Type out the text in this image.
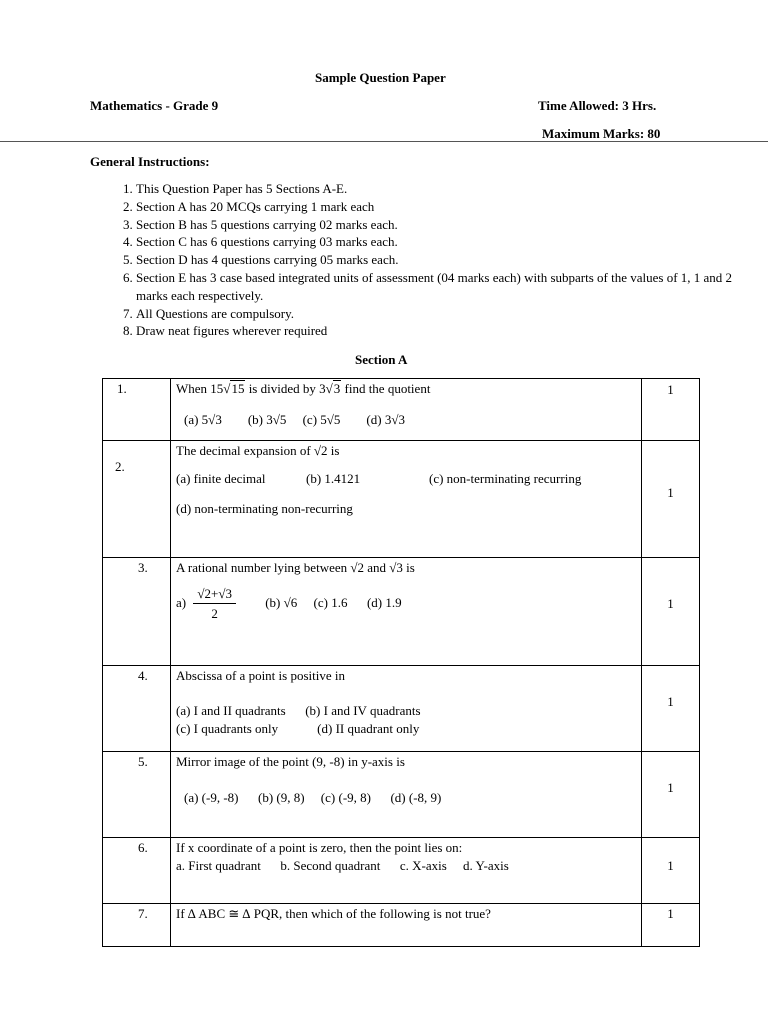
Sample Question Paper
Mathematics - Grade 9	Time Allowed: 3 Hrs.
Maximum Marks: 80
General Instructions:
1. This Question Paper has 5 Sections A-E.
2. Section A has 20 MCQs carrying 1 mark each
3. Section B has 5 questions carrying 02 marks each.
4. Section C has 6 questions carrying 03 marks each.
5. Section D has 4 questions carrying 05 marks each.
6. Section E has 3 case based integrated units of assessment (04 marks each) with subparts of the values of 1, 1 and 2 marks each respectively.
7. All Questions are compulsory.
8. Draw neat figures wherever required
Section A
1.	When 15√15 is divided by 3√3 find the quotient
(a) 5√3        (b) 3√5     (c) 5√5        (d) 3√3	1

2.	The decimal expansion of √2 is
(a) finite decimal (b) 1.4121 (c) non-terminating recurring
(d) non-terminating non-recurring	1

3.	A rational number lying between √2 and √3 is
$a) \frac{√2+√3}{2} (b)$ √6     (c) 1.6      (d) 1.9	1

4.	Abscissa of a point is positive in
(a) I and II quadrants      (b) I and IV quadrants
(c) I quadrants only            (d) II quadrant only	1

5.	Mirror image of the point (9, -8) in y-axis is
(a) (-9, -8)      (b) (9, 8)     (c) (-9, 8)      (d) (-8, 9)	1

6.	If x coordinate of a point is zero, then the point lies on:
a. First quadrant      b. Second quadrant      c. X-axis     d. Y-axis	1

7.	If ∆ ABC ≅ ∆ PQR, then which of the following is not true?	1
